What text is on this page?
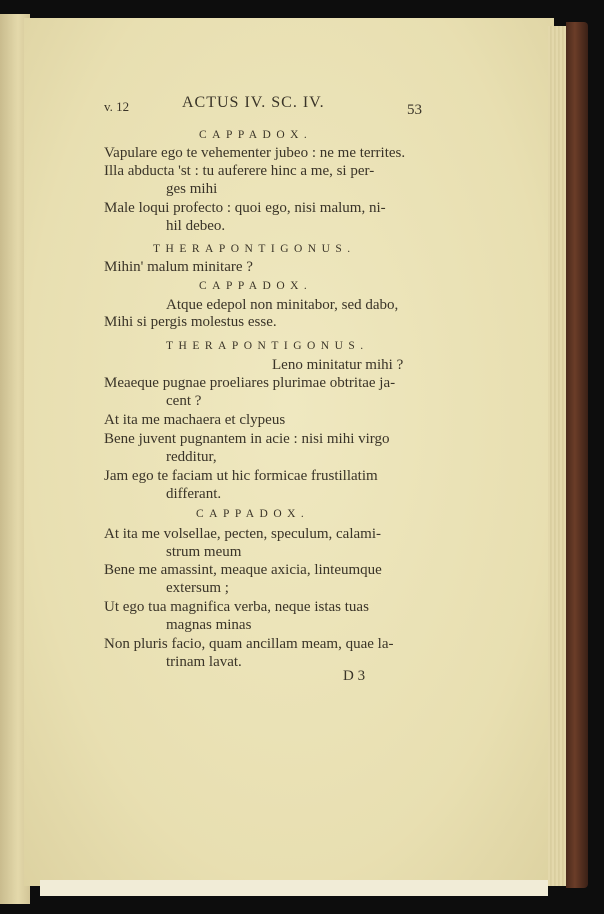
v. 12	ACTUS IV. SC. IV.	53
CAPPADOX.
Vapulare ego te vehementer jubeo : ne me territes.
Illa abducta 'st : tu auferere hinc a me, si per-
ges mihi
Male loqui profecto : quoi ego, nisi malum, ni-
hil debeo.
THERAPONTIGONUS.
Mihin' malum minitare ?
CAPPADOX.
Atque edepol non minitabor, sed dabo,
Mihi si pergis molestus esse.
THERAPONTIGONUS.
Leno minitatur mihi ?
Meaeque pugnae proeliares plurimae obtritae ja-
cent ?
At ita me machaera et clypeus
Bene juvent pugnantem in acie : nisi mihi virgo
redditur,
Jam ego te faciam ut hic formicae frustillatim
differant.
CAPPADOX.
At ita me volsellae, pecten, speculum, calami-
strum meum
Bene me amassint, meaque axicia, linteumque
extersum ;
Ut ego tua magnifica verba, neque istas tuas
magnas minas
Non pluris facio, quam ancillam meam, quae la-
trinam lavat.
D 3
